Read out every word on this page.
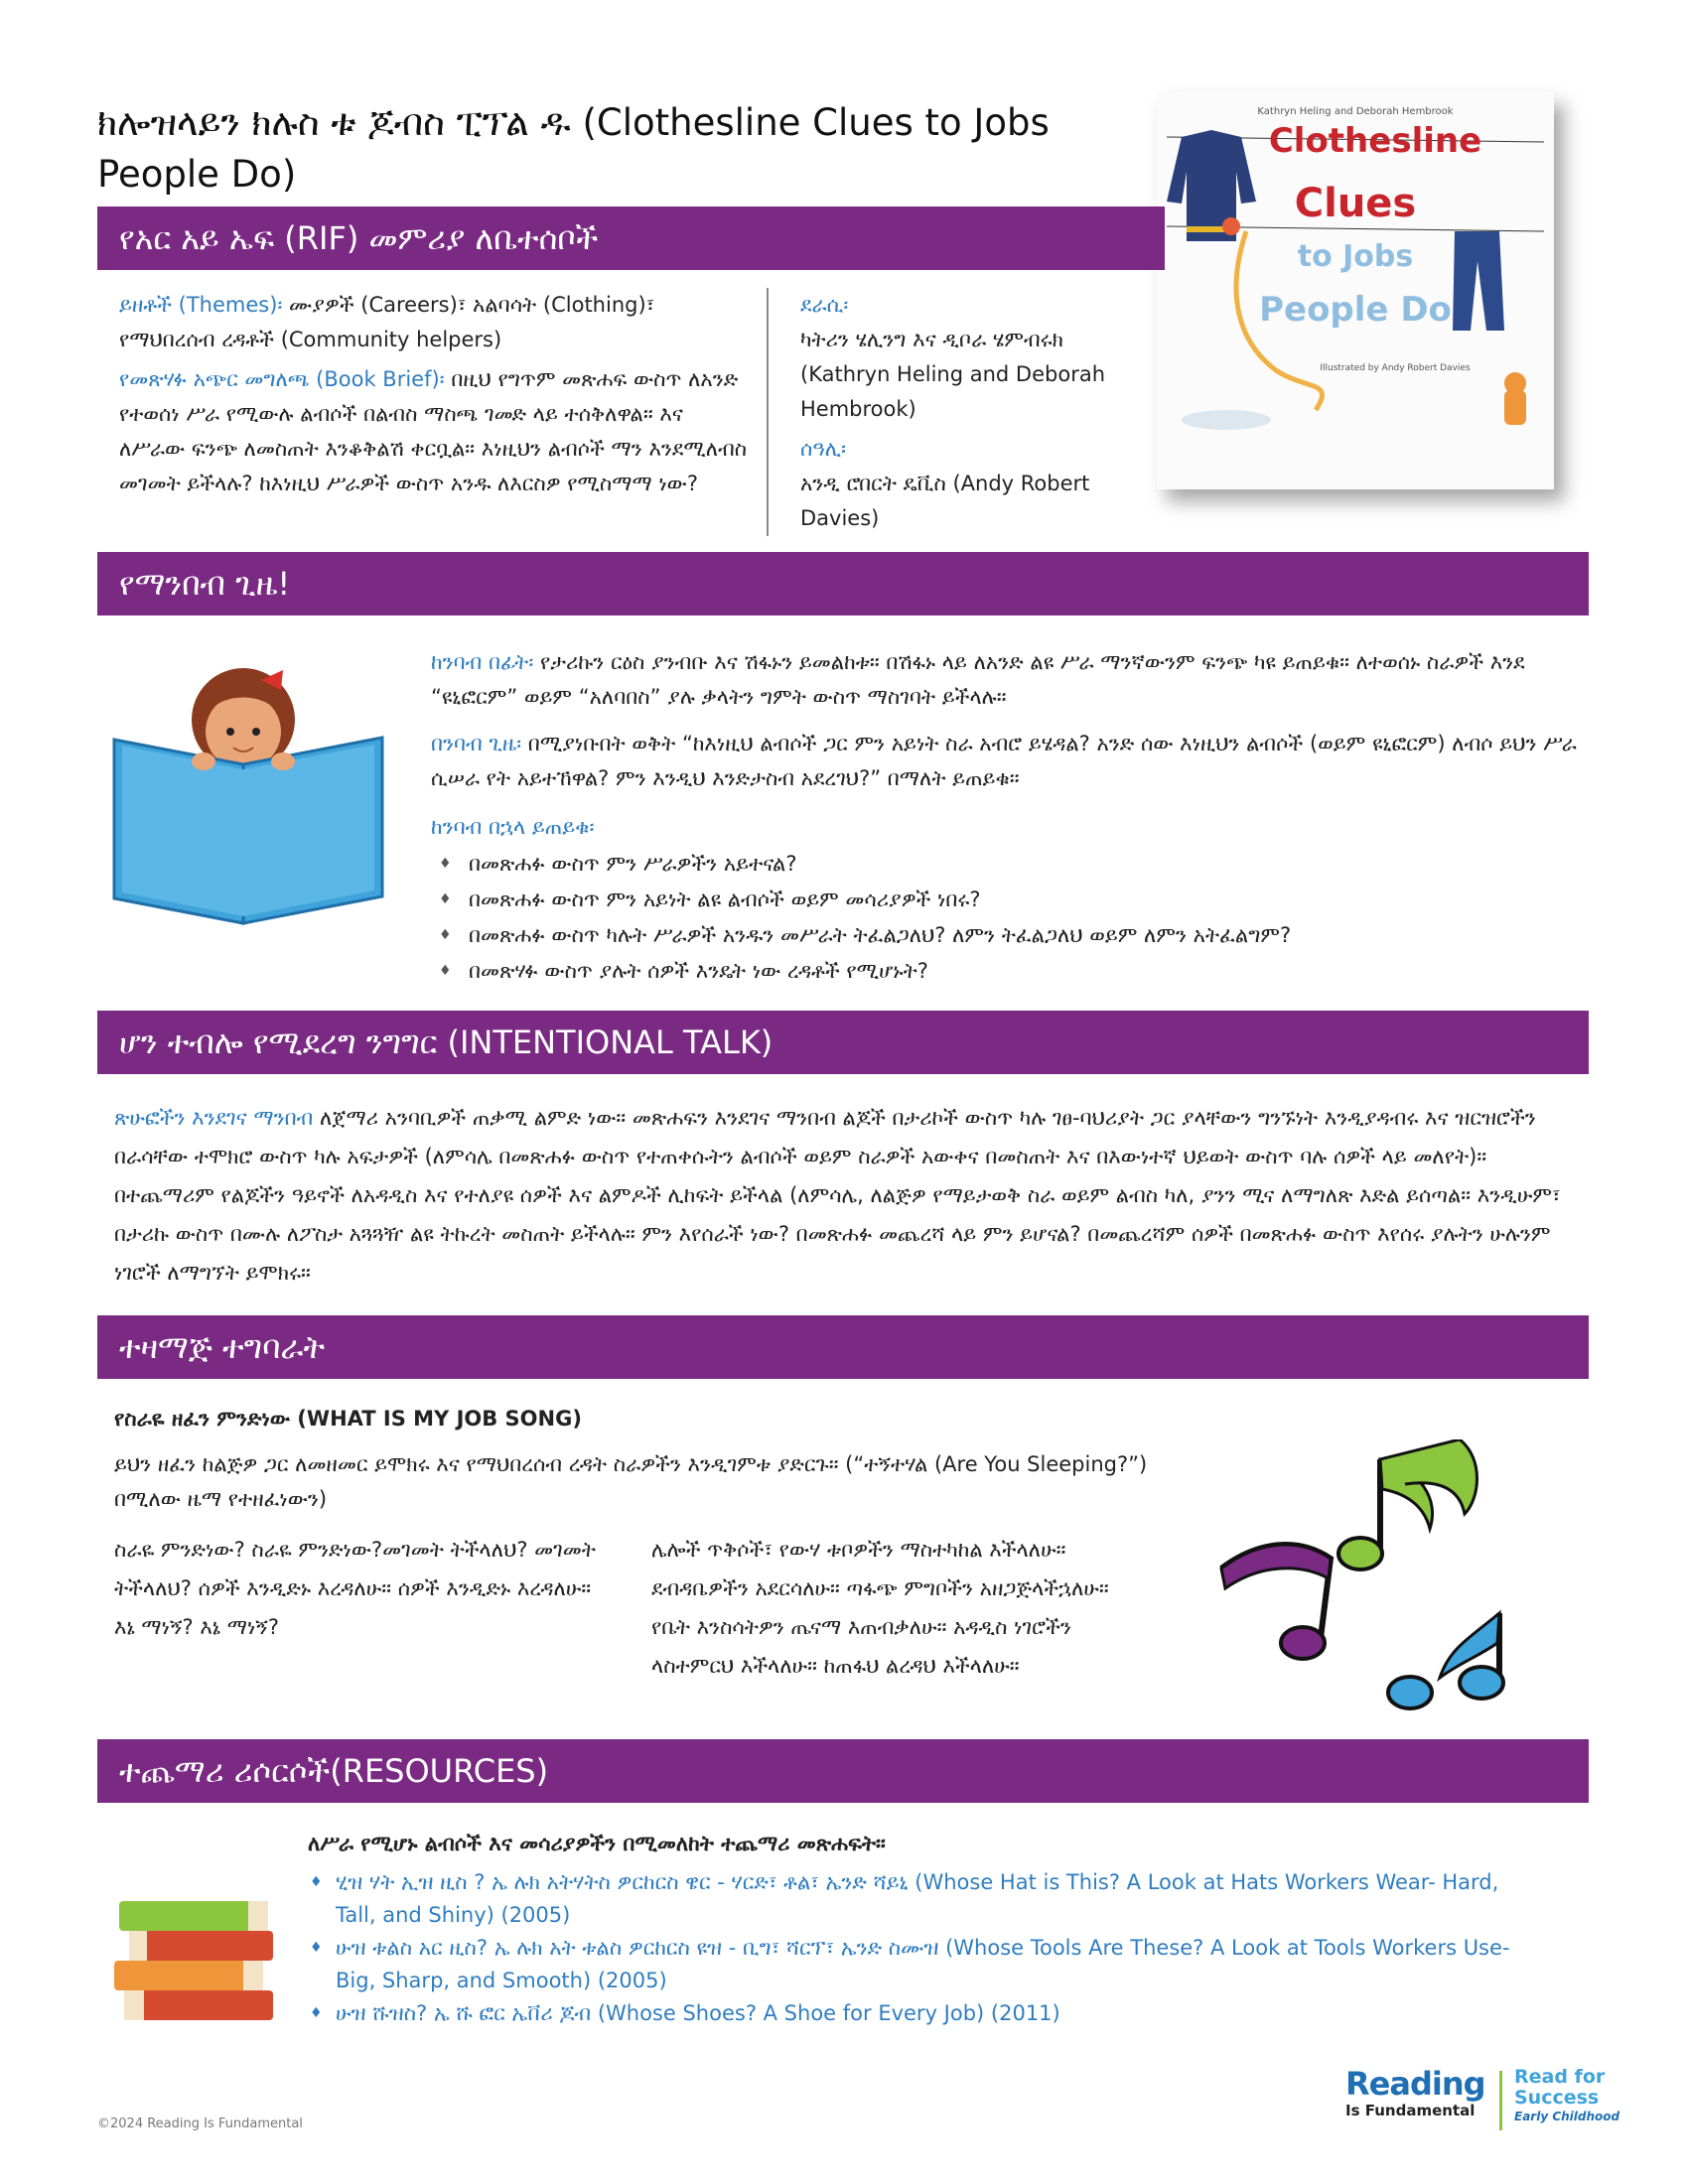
ክሎዝላይን ክሉስ ቱ ጆብስ ፒፕል ዱ (Clothesline Clues to Jobs People Do)
Kathryn Heling and Deborah Hembrook
Clothesline
Clues
to Jobs
People Do
Illustrated by Andy Robert Davies
የአር አይ ኤፍ (RIF) መምሪያ ለቤተሰቦች
ይዘቶች (Themes)፡ ሙያዎች (Careers)፣ አልባሳት (Clothing)፣ የማህበረሰብ ረዳቶች (Community helpers)
የመጽሃፉ አጭር መግለጫ (Book Brief)፡ በዚህ የግጥም መጽሐፍ ውስጥ ለአንድ የተወሰነ ሥራ የሚውሉ ልብሶች በልብስ ማስጫ ገመድ ላይ ተሰቅለዋል። እና ለሥራው ፍንጭ ለመስጠት እንቆቅልሽ ቀርቧል። እነዚህን ልብሶች ማን እንደሚለብስ መገመት ይችላሉ? ከእነዚህ ሥራዎች ውስጥ አንዱ ለእርስዎ የሚስማማ ነው?
ደራሲ፡
ካትሪን ሄሊንግ እና ዲቦራ ሄምብሩክ (Kathryn Heling and Deborah Hembrook)
ሰዓሊ፡
አንዲ ሮበርት ዴቪስ (Andy Robert Davies)
የማንበብ ጊዜ!
ከንባብ በፊት፡ የታሪኩን ርዕስ ያንብቡ እና ሽፋኑን ይመልከቱ። በሽፋኑ ላይ ለአንድ ልዩ ሥራ ማንኛውንም ፍንጭ ካዩ ይጠይቁ። ለተወሰኑ ስራዎች እንደ “ዩኒፎርም” ወይም “አለባበስ” ያሉ ቃላትን ግምት ውስጥ ማስገባት ይችላሉ።
በንባብ ጊዜ፡ በሚያነቡበት ወቅት “ከእነዚህ ልብሶች ጋር ምን አይነት ስራ አብሮ ይሄዳል? አንድ ሰው እነዚህን ልብሶች (ወይም ዩኒፎርም) ለብሶ ይህን ሥራ ሲሠራ የት አይተኸዋል? ምን እንዲህ እንድታስብ አደረገህ?” በማለት ይጠይቁ።
ከንባብ በኋላ ይጠይቁ፡
♦ በመጽሐፉ ውስጥ ምን ሥራዎችን አይተናል?
♦ በመጽሐፉ ውስጥ ምን አይነት ልዩ ልብሶች ወይም መሳሪያዎች ነበሩ?
♦ በመጽሐፉ ውስጥ ካሉት ሥራዎች አንዱን መሥራት ትፈልጋለህ? ለምን ትፈልጋለህ ወይም ለምን አትፈልግም?
♦ በመጽሃፉ ውስጥ ያሉት ሰዎች እንዴት ነው ረዳቶች የሚሆኑት?
ሆን ተብሎ የሚደረግ ንግግር (INTENTIONAL TALK)
ጽሁፎችን እንደገና ማንበብ ለጀማሪ አንባቢዎች ጠቃሚ ልምድ ነው። መጽሐፍን እንደገና ማንበብ ልጆች በታሪኮች ውስጥ ካሉ ገፀ-ባህሪያት ጋር ያላቸውን ግንኙነት እንዲያዳብሩ እና ዝርዝሮችን በራሳቸው ተሞክሮ ውስጥ ካሉ አፍታዎች (ለምሳሌ በመጽሐፉ ውስጥ የተጠቀሱትን ልብሶች ወይም ስራዎች አውቀና በመስጠት እና በእውነተኛ ህይወት ውስጥ ባሉ ሰዎች ላይ መለየት)። በተጨማሪም የልጆችን ዓይኖች ለአዳዲስ እና የተለያዩ ሰዎች እና ልምዶች ሊከፍት ይችላል (ለምሳሌ, ለልጅዎ የማይታወቅ ስራ ወይም ልብስ ካለ, ያንን ሚና ለማግለጽ እድል ይሰጣል። እንዲሁም፣ በታሪኩ ውስጥ በሙሉ ለፖስታ አጓጓዥ ልዩ ትኩረት መስጠት ይችላሉ። ምን እየሰራች ነው? በመጽሐፉ መጨረሻ ላይ ምን ይሆናል? በመጨረሻም ሰዎች በመጽሐፉ ውስጥ እየሰሩ ያሉትን ሁሉንም ነገሮች ለማግኘት ይሞክሩ።
ተዛማጅ ተግባራት
የስራዬ ዘፈን ምንድነው (WHAT IS MY JOB SONG)
ይህን ዘፈን ከልጅዎ ጋር ለመዘመር ይሞክሩ እና የማህበረሰብ ረዳት ስራዎችን እንዲገምቱ ያድርጉ። (“ተኝተሃል (Are You Sleeping?”) በሚለው ዜማ የተዘፈነውን)
ስራዬ ምንድነው? ስራዬ ምንድነው?መገመት ትችላለህ? መገመት ትችላለህ? ሰዎች እንዲድኑ እረዳለሁ። ሰዎች እንዲድኑ እረዳለሁ። እኔ ማነኝ? እኔ ማነኝ?
ሌሎች ጥቅሶች፣ የውሃ ቱቦዎችን ማስተካከል እችላለሁ። ደብዳቤዎችን አደርሳለሁ። ጣፋጭ ምግቦችን አዘጋጅላችኋለሁ። የቤት እንስሳትዎን ጤናማ እጠብቃለሁ። አዳዲስ ነገሮችን ላስተምርህ እችላለሁ። ከጠፋህ ልረዳህ እችላለሁ።
ተጨማሪ ሪሶርሶች(RESOURCES)
ለሥራ የሚሆኑ ልብሶች እና መሳሪያዎችን በሚመለከት ተጨማሪ መጽሐፍት።
♦ ሂዝ ሃት ኢዝ ዚስ ? ኤ ሉክ አትሃትስ ዎርከርስ ዌር - ሃርድ፣ ቶል፣ ኤንድ ሻይኒ (Whose Hat is This? A Look at Hats Workers Wear- Hard, Tall, and Shiny) (2005)
♦ ሁዝ ቱልስ አር ዚስ? ኤ ሉክ አት ቱልስ ዎርከርስ ዩዝ - ቢግ፣ ሻርፕ፣ ኤንድ ስሙዝ (Whose Tools Are These? A Look at Tools Workers Use- Big, Sharp, and Smooth) (2005)
♦ ሁዝ ሹዝስ? ኤ ሹ ፎር ኤቨሪ ጆብ (Whose Shoes? A Shoe for Every Job) (2011)
©2024 Reading Is Fundamental
Reading
Is Fundamental
Read for
Success
Early Childhood
